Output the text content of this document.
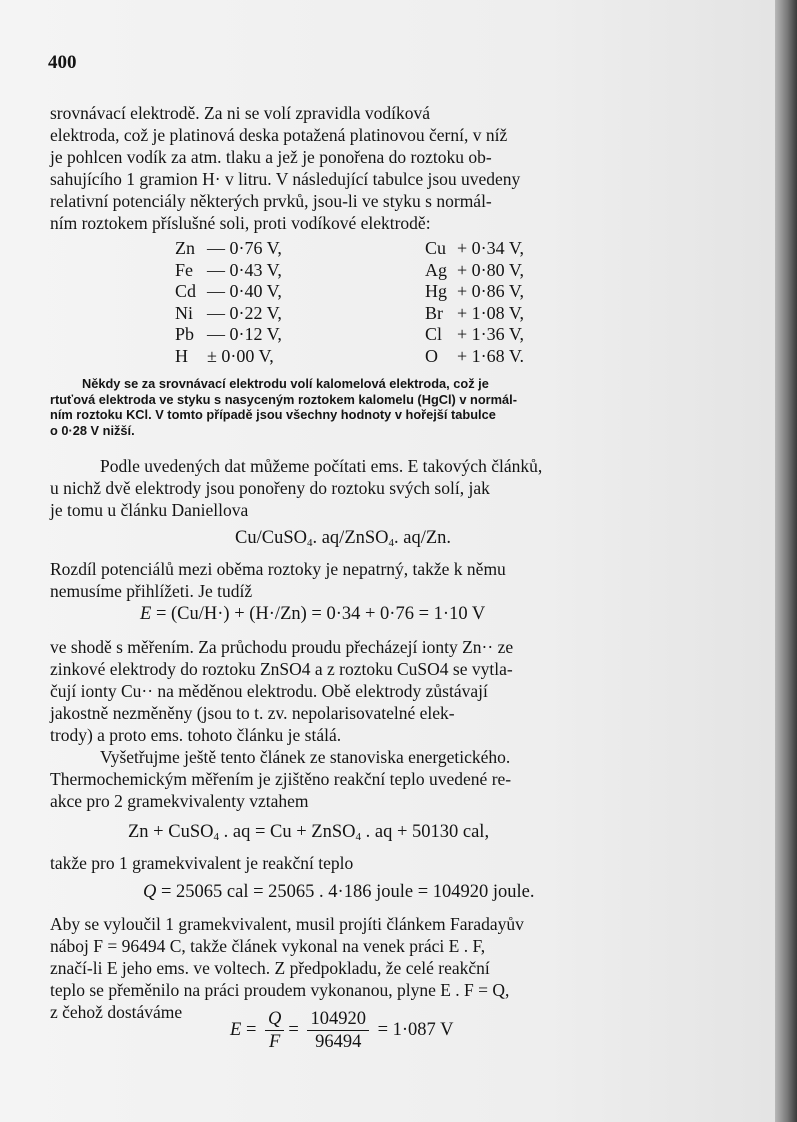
400

srovnávací elektrodě. Za ni se volí zpravidla vodíková

elektroda, což je platinová deska potažená platinovou černí, v níž

je pohlcen vodík za atm. tlaku a jež je ponořena do roztoku ob-

sahujícího 1 gramion H· v litru. V následující tabulce jsou uvedeny

relativní potenciály některých prvků, jsou-li ve styku s normál-

ním roztokem příslušné soli, proti vodíkové elektrodě:

Zn — 0·76 V,
Fe — 0·43 V,
Cd — 0·40 V,
Ni — 0·22 V,
Pb — 0·12 V,
H ± 0·00 V,
Cu + 0·34 V,
Ag + 0·80 V,
Hg + 0·86 V,
Br + 1·08 V,
Cl + 1·36 V,
O + 1·68 V.

Někdy se za srovnávací elektrodu volí kalomelová elektroda, což je

rtuťová elektroda ve styku s nasyceným roztokem kalomelu (HgCl) v normál-
ním roztoku KCl. V tomto případě jsou všechny hodnoty v hořejší tabulce
o 0·28 V nižší.

Podle uvedených dat můžeme počítati ems. E takových článků,

u nichž dvě elektrody jsou ponořeny do roztoku svých solí, jak

je tomu u článku Daniellova

Cu/CuSO$_4$. aq/ZnSO$_4$. aq/Zn.

Rozdíl potenciálů mezi oběma roztoky je nepatrný, takže k němu

nemusíme přihlížeti. Je tudíž

E = (Cu/H·) + (H·/Zn) = 0·34 + 0·76 = 1·10 V

ve shodě s měřením. Za průchodu proudu přecházejí ionty Zn·· ze

zinkové elektrody do roztoku ZnSO4 a z roztoku CuSO4 se vytla-

čují ionty Cu·· na měděnou elektrodu. Obě elektrody zůstávají

jakostně nezměněny (jsou to t. zv. nepolarisovatelné elek-

trody) a proto ems. tohoto článku je stálá.

Vyšetřujme ještě tento článek ze stanoviska energetického.

Thermochemickým měřením je zjištěno reakční teplo uvedené re-

akce pro 2 gramekvivalenty vztahem

Zn + CuSO$_4$ . aq = Cu + ZnSO$_4$ . aq + 50130 cal,

takže pro 1 gramekvivalent je reakční teplo

Q = 25065 cal = 25065 . 4·186 joule = 104920 joule.

Aby se vyloučil 1 gramekvivalent, musil projíti článkem Faradayův

náboj F = 96494 C, takže článek vykonal na venek práci E . F,

značí-li E jeho ems. ve voltech. Z předpokladu, že celé reakční

teplo se přeměnilo na práci proudem vykonanou, plyne E . F = Q,

z čehož dostáváme

$E = \frac{Q}{F} = \frac{104920}{96494} = 1\cdot 087$ V
